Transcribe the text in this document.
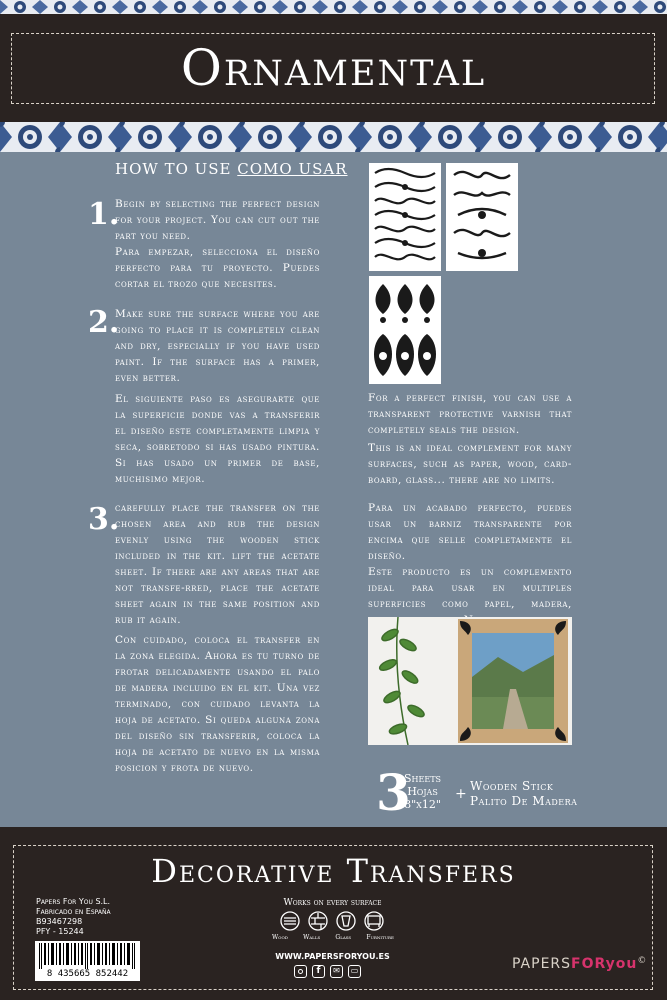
Ornamental
HOW TO USE COMO USAR
1.

Begin by selecting the perfect design for your project. You can cut out the part you need.

Para empezar, selecciona el diseño perfecto para tu proyecto. Puedes cortar el trozo que necesites.

2.

Make sure the surface where you are going to place it is completely clean and dry, especially if you have used paint. If the surface has a primer, even better.

El siguiente paso es asegurarte que la superficie donde vas a transferir el diseño este completamente limpia y seca, sobretodo si has usado pintura. Si has usado un primer de base, muchisimo mejor.

3.

carefully place the transfer on the chosen area and rub the design evenly using the wooden stick included in the kit. lift the acetate sheet. If there are any areas that are not transfe-rred, place the acetate sheet again in the same position and rub it again.

Con cuidado, coloca el transfer en la zona elegida. Ahora es tu turno de frotar delicadamente usando el palo de madera incluido en el kit. Una vez terminado, con cuidado levanta la hoja de acetato. Si queda alguna zona del diseño sin transferir, coloca la hoja de acetato de nuevo en la misma posicion y frota de nuevo.

For a perfect finish, you can use a transparent protective varnish that completely seals the design.

This is an ideal complement for many surfaces, such as paper, wood, card-board, glass... there are no limits.

Para un acabado perfecto, puedes usar un barniz transparente por encima que selle completamente el diseño.

Este producto es un complemento ideal para usar en multiples superficies como papel, madera,

3
Sheets
Hojas
8"x12"
+ Wooden Stick
Palito De Madera
Decorative Transfers
Papers For You S.L.
Fabricado en España
B93467298
PFY - 15244
8 435665 852442
Works on every surface
Wood	Walls	Glass	Furniture
WWW.PAPERSFORYOU.ES
f	✉	▭	PAPERSFORyou©
